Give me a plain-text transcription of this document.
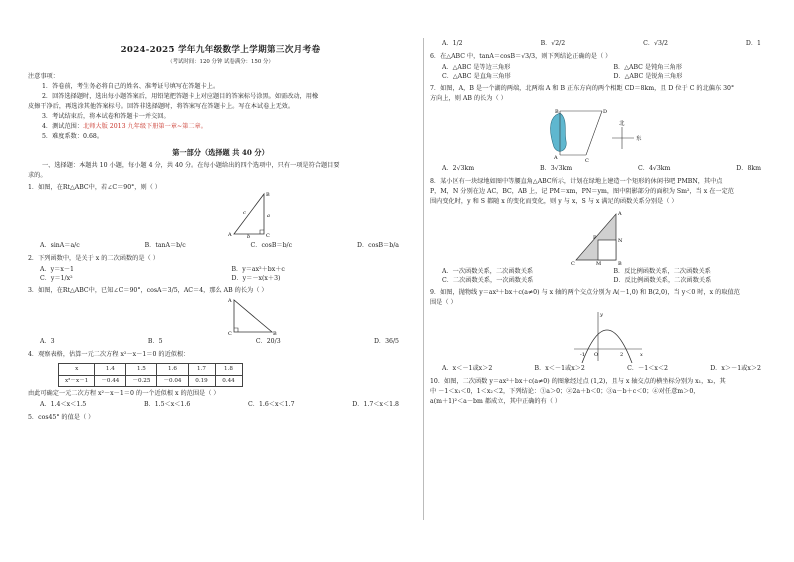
2024-2025 学年九年级数学上学期第三次月考卷
（考试时间：120 分钟 试卷满分：150 分）
注意事项：
1．答卷前，考生务必将自己的姓名、准考证号填写在答题卡上。
2．回答选择题时，选出每小题答案后，用铅笔把答题卡上对应题目的答案标号涂黑。如需改动，用橡
皮擦干净后，再选涂其他答案标号。回答非选择题时，将答案写在答题卡上。写在本试卷上无效。
3．考试结束后，将本试卷和答题卡一并交回。
4．测试范围：北师大版 2013 九年级下册第一章~第二章。
5．难度系数：0.68。
第一部分（选择题 共 40 分）
一、选择题：本题共 10 小题，每小题 4 分，共 40 分。在每小题给出的四个选项中，只有一项是符合题目要
求的。
1．如图，在Rt△ABC中，若∠C＝90°，则（ ）
A
B
C
a
b
c
A．sinA＝a/c	B．tanA＝b/c	C．cosB＝b/c	D．cosB＝b/a
2．下列函数中，是关于 x 的二次函数的是（ ）
A．y＝x－1	B．y＝ax²＋bx＋c
C．y＝1/x²	D．y＝－x(x＋3)
3．如图，在Rt△ABC中，已知∠C＝90°，cosA＝3/5，AC＝4，那么 AB 的长为（ ）
A
B
C
A．3	B．5	C．20/3	D．36/5
4．观察表格，估算一元二次方程 x²－x－1＝0 的近似根：
x	1.4	1.5	1.6	1.7	1.8
x²－x－1	－0.44	－0.25	－0.04	0.19	0.44
由此可确定一元二次方程 x²－x－1＝0 的一个近似根 x 的范围是（ ）
A．1.4＜x＜1.5	B．1.5＜x＜1.6	C．1.6＜x＜1.7	D．1.7＜x＜1.8
5．cos45° 的值是（ ）
A．1/2	B．√2/2	C．√3/2	D．1
6．在△ABC 中，tanA＝cosB＝√3/3，则下列结论正确的是（ ）
A．△ABC 是等边三角形	B．△ABC 是钝角三角形
C．△ABC 是直角三角形	D．△ABC 是锐角三角形
7．如图，A，B 是一个湖的两端，北两端 A 和 B 正东方向的两个相距 CD＝8km，且 D 位于 C 的北偏东 30°
方向上，则 AB 的长为（ ）
A
B
C
D
北
东
A．2√3km	B．3√3km	C．4√3km	D．8km
8．某小区有一块绿地如图中等腰直角△ABC所示，计划在绿地上建造一个矩形的休闲书吧 PMBN，其中点
P，M，N 分别在边 AC，BC，AB 上，记 PM＝xm，PN＝ym，图中阴影部分的面积为 Sm²，当 x 在一定范
围内变化时，y 和 S 都随 x 的变化而变化，则 y 与 x，S 与 x 满足的函数关系分别是（ ）
C	B
A
M
N
P
A．一次函数关系，二次函数关系	B．反比例函数关系，二次函数关系
C．二次函数关系，一次函数关系	D．反比例函数关系，二次函数关系
9．如图，抛物线 y＝ax²＋bx＋c(a≠0) 与 x 轴的两个交点分别为 A(－1,0) 和 B(2,0)，当 y＜0 时，x 的取值范
围是（ ）
y
x
O
-1	2
A．x＜－1或x＞2	B．x＜－1或x＞2	C．－1＜x＜2	D．x＞－1或x＞2
10．如图，二次函数 y＝ax²＋bx＋c(a≠0) 的图象经过点 (1,2)，且与 x 轴交点的横坐标分别为 x₁，x₂，其
中 －1＜x₁＜0，1＜x₂＜2，下列结论：①a＞0；②2a＋b＜0；③a－b＋c＜0；④对任意m＞0，
a(m＋1)²＜a－bm 都成立，其中正确的有（ ）
